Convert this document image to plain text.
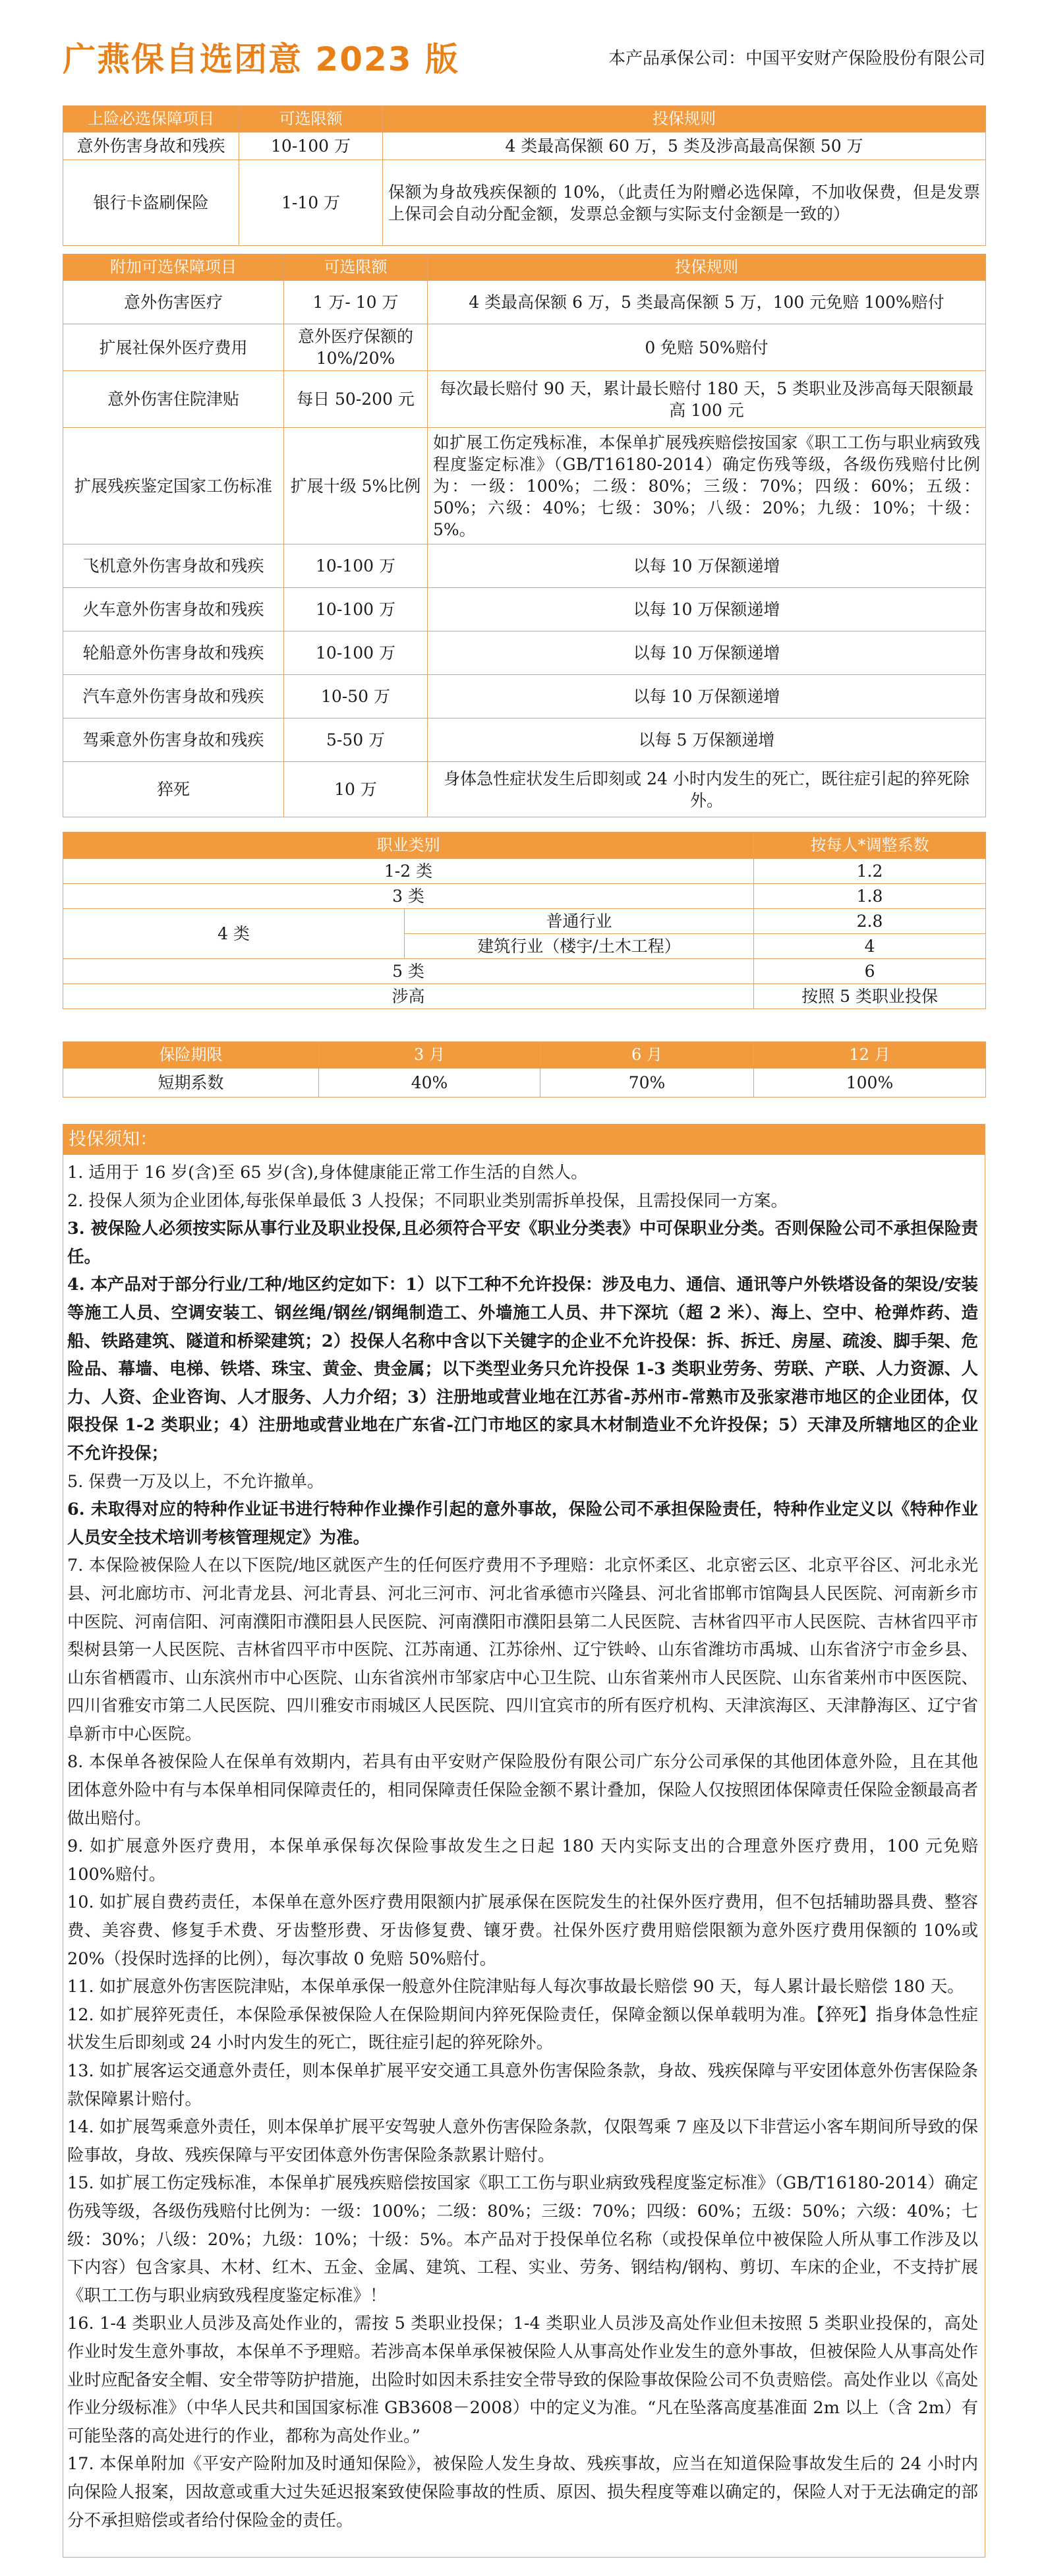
广燕保自选团意 2023 版	本产品承保公司：中国平安财产保险股份有限公司
上险必选保障项目	可选限额	投保规则
意外伤害身故和残疾	10-100 万	4 类最高保额 60 万，5 类及涉高最高保额 50 万
银行卡盗刷保险	1-10 万	保额为身故残疾保额的 10%，（此责任为附赠必选保障，不加收保费，但是发票上保司会自动分配金额，发票总金额与实际支付金额是一致的）
附加可选保障项目	可选限额	投保规则
意外伤害医疗	1 万- 10 万	4 类最高保额 6 万，5 类最高保额 5 万，100 元免赔 100%赔付
扩展社保外医疗费用	意外医疗保额的 10%/20%	0 免赔 50%赔付
意外伤害住院津贴	每日 50-200 元	每次最长赔付 90 天，累计最长赔付 180 天，5 类职业及涉高每天限额最高 100 元
扩展残疾鉴定国家工伤标准	扩展十级 5%比例	如扩展工伤定残标准，本保单扩展残疾赔偿按国家《职工工伤与职业病致残程度鉴定标准》（GB/T16180-2014）确定伤残等级，各级伤残赔付比例为：一级：100%；二级：80%；三级：70%；四级：60%；五级：50%；六级：40%；七级：30%；八级：20%；九级：10%；十级：5%。
飞机意外伤害身故和残疾	10-100 万	以每 10 万保额递增
火车意外伤害身故和残疾	10-100 万	以每 10 万保额递增
轮船意外伤害身故和残疾	10-100 万	以每 10 万保额递增
汽车意外伤害身故和残疾	10-50 万	以每 10 万保额递增
驾乘意外伤害身故和残疾	5-50 万	以每 5 万保额递增
猝死	10 万	身体急性症状发生后即刻或 24 小时内发生的死亡，既往症引起的猝死除外。
职业类别		按每人*调整系数
1-2 类		1.2
3 类		1.8
4 类	普通行业	2.8
	建筑行业（楼宇/土木工程）	4
5 类		6
涉高		按照 5 类职业投保
保险期限	3 月	6 月	12 月
短期系数	40%	70%	100%
投保须知：

1. 适用于 16 岁(含)至 65 岁(含),身体健康能正常工作生活的自然人。

2. 投保人须为企业团体,每张保单最低 3 人投保；不同职业类别需拆单投保，且需投保同一方案。

3. 被保险人必须按实际从事行业及职业投保,且必须符合平安《职业分类表》中可保职业分类。否则保险公司不承担保险责任。

4. 本产品对于部分行业/工种/地区约定如下：1）以下工种不允许投保：涉及电力、通信、通讯等户外铁塔设备的架设/安装等施工人员、空调安装工、钢丝绳/钢丝/钢绳制造工、外墙施工人员、井下深坑（超 2 米）、海上、空中、枪弹炸药、造船、铁路建筑、隧道和桥梁建筑；2）投保人名称中含以下关键字的企业不允许投保：拆、拆迁、房屋、疏浚、脚手架、危险品、幕墙、电梯、铁塔、珠宝、黄金、贵金属；以下类型业务只允许投保 1-3 类职业劳务、劳联、产联、人力资源、人力、人资、企业咨询、人才服务、人力介绍；3）注册地或营业地在江苏省-苏州市-常熟市及张家港市地区的企业团体，仅限投保 1-2 类职业；4）注册地或营业地在广东省-江门市地区的家具木材制造业不允许投保；5）天津及所辖地区的企业不允许投保；

5. 保费一万及以上，不允许撤单。

6. 未取得对应的特种作业证书进行特种作业操作引起的意外事故，保险公司不承担保险责任，特种作业定义以《特种作业人员安全技术培训考核管理规定》为准。

7. 本保险被保险人在以下医院/地区就医产生的任何医疗费用不予理赔：北京怀柔区、北京密云区、北京平谷区、河北永光县、河北廊坊市、河北青龙县、河北青县、河北三河市、河北省承德市兴隆县、河北省邯郸市馆陶县人民医院、河南新乡市中医院、河南信阳、河南濮阳市濮阳县人民医院、河南濮阳市濮阳县第二人民医院、吉林省四平市人民医院、吉林省四平市梨树县第一人民医院、吉林省四平市中医院、江苏南通、江苏徐州、辽宁铁岭、山东省潍坊市禹城、山东省济宁市金乡县、山东省栖霞市、山东滨州市中心医院、山东省滨州市邹家店中心卫生院、山东省莱州市人民医院、山东省莱州市中医医院、四川省雅安市第二人民医院、四川雅安市雨城区人民医院、四川宜宾市的所有医疗机构、天津滨海区、天津静海区、辽宁省阜新市中心医院。

8. 本保单各被保险人在保单有效期内，若具有由平安财产保险股份有限公司广东分公司承保的其他团体意外险，且在其他团体意外险中有与本保单相同保障责任的，相同保障责任保险金额不累计叠加，保险人仅按照团体保障责任保险金额最高者做出赔付。

9. 如扩展意外医疗费用，本保单承保每次保险事故发生之日起 180 天内实际支出的合理意外医疗费用，100 元免赔 100%赔付。

10. 如扩展自费药责任，本保单在意外医疗费用限额内扩展承保在医院发生的社保外医疗费用，但不包括辅助器具费、整容费、美容费、修复手术费、牙齿整形费、牙齿修复费、镶牙费。社保外医疗费用赔偿限额为意外医疗费用保额的 10%或 20%（投保时选择的比例），每次事故 0 免赔 50%赔付。

11. 如扩展意外伤害医院津贴，本保单承保一般意外住院津贴每人每次事故最长赔偿 90 天，每人累计最长赔偿 180 天。

12. 如扩展猝死责任，本保险承保被保险人在保险期间内猝死保险责任，保障金额以保单载明为准。【猝死】指身体急性症状发生后即刻或 24 小时内发生的死亡，既往症引起的猝死除外。

13. 如扩展客运交通意外责任，则本保单扩展平安交通工具意外伤害保险条款，身故、残疾保障与平安团体意外伤害保险条款保障累计赔付。

14. 如扩展驾乘意外责任，则本保单扩展平安驾驶人意外伤害保险条款，仅限驾乘 7 座及以下非营运小客车期间所导致的保险事故，身故、残疾保障与平安团体意外伤害保险条款累计赔付。

15. 如扩展工伤定残标准，本保单扩展残疾赔偿按国家《职工工伤与职业病致残程度鉴定标准》（GB/T16180-2014）确定伤残等级，各级伤残赔付比例为：一级：100%；二级：80%；三级：70%；四级：60%；五级：50%；六级：40%；七级：30%；八级：20%；九级：10%；十级：5%。本产品对于投保单位名称（或投保单位中被保险人所从事工作涉及以下内容）包含家具、木材、红木、五金、金属、建筑、工程、实业、劳务、钢结构/钢构、剪切、车床的企业，不支持扩展《职工工伤与职业病致残程度鉴定标准》！

16. 1-4 类职业人员涉及高处作业的，需按 5 类职业投保；1-4 类职业人员涉及高处作业但未按照 5 类职业投保的，高处作业时发生意外事故，本保单不予理赔。若涉高本保单承保被保险人从事高处作业发生的意外事故，但被保险人从事高处作业时应配备安全帽、安全带等防护措施，出险时如因未系挂安全带导致的保险事故保险公司不负责赔偿。高处作业以《高处作业分级标准》（中华人民共和国国家标准 GB3608－2008）中的定义为准。“凡在坠落高度基准面 2m 以上（含 2m）有可能坠落的高处进行的作业，都称为高处作业。”

17. 本保单附加《平安产险附加及时通知保险》，被保险人发生身故、残疾事故，应当在知道保险事故发生后的 24 小时内向保险人报案，因故意或重大过失延迟报案致使保险事故的性质、原因、损失程度等难以确定的，保险人对于无法确定的部分不承担赔偿或者给付保险金的责任。
